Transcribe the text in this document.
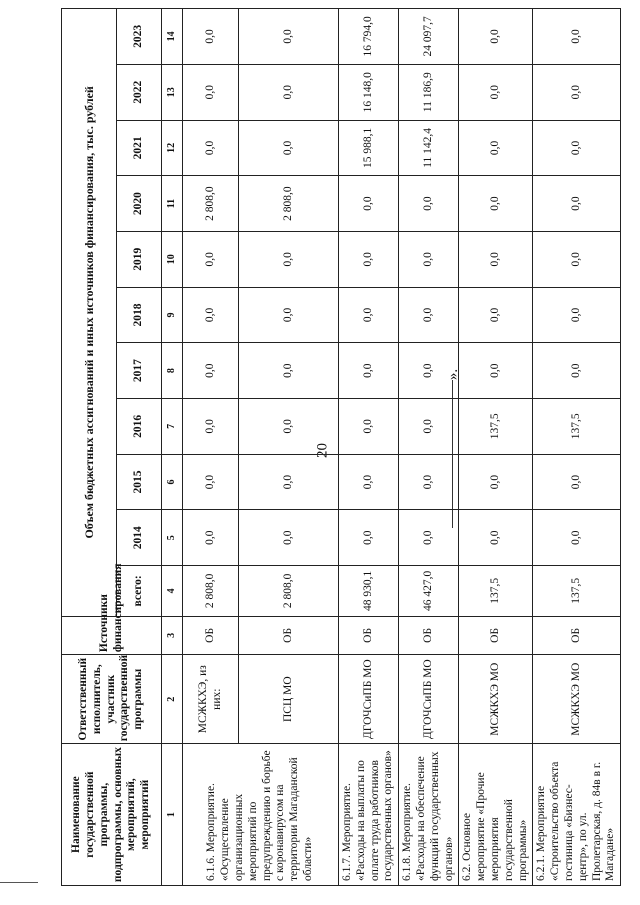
20
».
Наименование государственной программы, подпрограммы, основных мероприятий, мероприятий	Ответственный исполнитель, участник государственной программы	Источники финансирования	Объем бюджетных ассигнований и иных источников финансирования, тыс. рублей										
			всего:	2014	2015	2016	2017	2018	2019	2020	2021	2022	2023
1	2	3	4	5	6	7	8	9	10	11	12	13	14
6.1.6. Мероприятие. «Осуществление организационных мероприятий по предупреждению и борьбе с коронавирусом на территории Магаданской области»	МСЖКХЭ, из них:	ОБ	2 808,0	0,0	0,0	0,0	0,0	0,0	0,0	2 808,0	0,0	0,0	0,0
	ПСЦ МО	ОБ	2 808,0	0,0	0,0	0,0	0,0	0,0	0,0	2 808,0	0,0	0,0	0,0
6.1.7. Мероприятие. «Расходы на выплаты по оплате труда работников государственных органов»	ДГОЧСиПБ МО	ОБ	48 930,1	0,0	0,0	0,0	0,0	0,0	0,0	0,0	15 988,1	16 148,0	16 794,0
6.1.8. Мероприятие. «Расходы на обеспечение функций государственных органов»	ДГОЧСиПБ МО	ОБ	46 427,0	0,0	0,0	0,0	0,0	0,0	0,0	0,0	11 142,4	11 186,9	24 097,7
6.2. Основное мероприятие «Прочие мероприятия государственной программы»	МСЖКХЭ МО	ОБ	137,5	0,0	0,0	137,5	0,0	0,0	0,0	0,0	0,0	0,0	0,0
6.2.1. Мероприятие «Строительство объекта гостиница «Бизнес-центр», по ул. Пролетарская, д. 84в в г. Магадане»	МСЖКХЭ МО	ОБ	137,5	0,0	0,0	137,5	0,0	0,0	0,0	0,0	0,0	0,0	0,0
